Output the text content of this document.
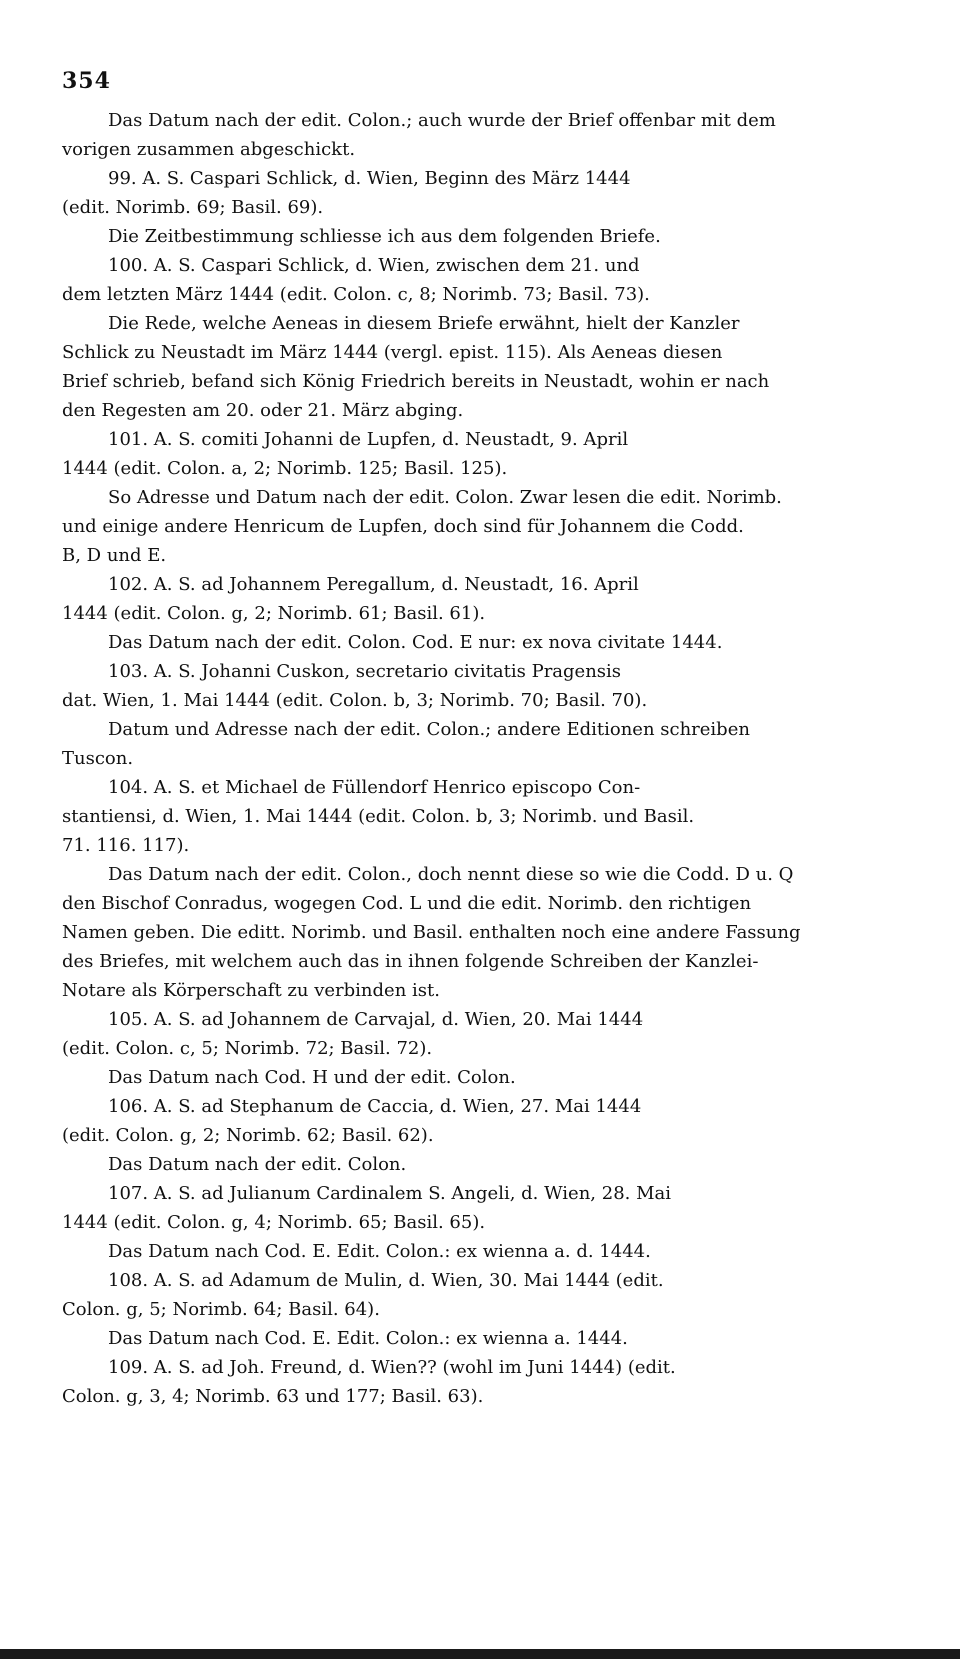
354
Das Datum nach der edit. Colon.; auch wurde der Brief offenbar mit dem
vorigen zusammen abgeschickt.
99. A. S. Caspari Schlick, d. Wien, Beginn des März 1444
(edit. Norimb. 69; Basil. 69).
Die Zeitbestimmung schliesse ich aus dem folgenden Briefe.
100. A. S. Caspari Schlick, d. Wien, zwischen dem 21. und
dem letzten März 1444 (edit. Colon. c, 8; Norimb. 73; Basil. 73).
Die Rede, welche Aeneas in diesem Briefe erwähnt, hielt der Kanzler
Schlick zu Neustadt im März 1444 (vergl. epist. 115). Als Aeneas diesen
Brief schrieb, befand sich König Friedrich bereits in Neustadt, wohin er nach
den Regesten am 20. oder 21. März abging.
101. A. S. comiti Johanni de Lupfen, d. Neustadt, 9. April
1444 (edit. Colon. a, 2; Norimb. 125; Basil. 125).
So Adresse und Datum nach der edit. Colon. Zwar lesen die edit. Norimb.
und einige andere Henricum de Lupfen, doch sind für Johannem die Codd.
B, D und E.
102. A. S. ad Johannem Peregallum, d. Neustadt, 16. April
1444 (edit. Colon. g, 2; Norimb. 61; Basil. 61).
Das Datum nach der edit. Colon. Cod. E nur: ex nova civitate 1444.
103. A. S. Johanni Cuskon, secretario civitatis Pragensis
dat. Wien, 1. Mai 1444 (edit. Colon. b, 3; Norimb. 70; Basil. 70).
Datum und Adresse nach der edit. Colon.; andere Editionen schreiben
Tuscon.
104. A. S. et Michael de Füllendorf Henrico episcopo Con-
stantiensi, d. Wien, 1. Mai 1444 (edit. Colon. b, 3; Norimb. und Basil.
71. 116. 117).
Das Datum nach der edit. Colon., doch nennt diese so wie die Codd. D u. Q
den Bischof Conradus, wogegen Cod. L und die edit. Norimb. den richtigen
Namen geben. Die editt. Norimb. und Basil. enthalten noch eine andere Fassung
des Briefes, mit welchem auch das in ihnen folgende Schreiben der Kanzlei-
Notare als Körperschaft zu verbinden ist.
105. A. S. ad Johannem de Carvajal, d. Wien, 20. Mai 1444
(edit. Colon. c, 5; Norimb. 72; Basil. 72).
Das Datum nach Cod. H und der edit. Colon.
106. A. S. ad Stephanum de Caccia, d. Wien, 27. Mai 1444
(edit. Colon. g, 2; Norimb. 62; Basil. 62).
Das Datum nach der edit. Colon.
107. A. S. ad Julianum Cardinalem S. Angeli, d. Wien, 28. Mai
1444 (edit. Colon. g, 4; Norimb. 65; Basil. 65).
Das Datum nach Cod. E. Edit. Colon.: ex wienna a. d. 1444.
108. A. S. ad Adamum de Mulin, d. Wien, 30. Mai 1444 (edit.
Colon. g, 5; Norimb. 64; Basil. 64).
Das Datum nach Cod. E. Edit. Colon.: ex wienna a. 1444.
109. A. S. ad Joh. Freund, d. Wien?? (wohl im Juni 1444) (edit.
Colon. g, 3, 4; Norimb. 63 und 177; Basil. 63).
